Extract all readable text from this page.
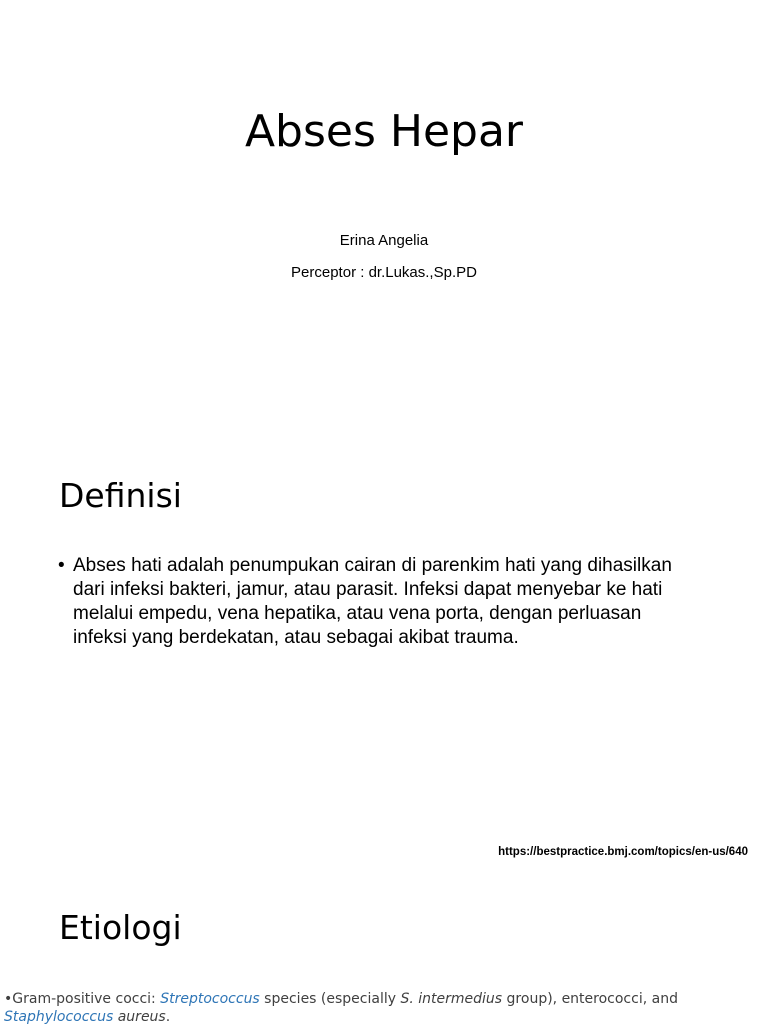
Abses Hepar
Erina Angelia
Perceptor : dr.Lukas.,Sp.PD
Definisi
• Abses hati adalah penumpukan cairan di parenkim hati yang dihasilkan dari infeksi bakteri, jamur, atau parasit. Infeksi dapat menyebar ke hati melalui empedu, vena hepatika, atau vena porta, dengan perluasan infeksi yang berdekatan, atau sebagai akibat trauma.
https://bestpractice.bmj.com/topics/en-us/640
Etiologi
•Gram-positive cocci: Streptococcus species (especially S. intermedius group), enterococci, and Staphylococcus aureus.
